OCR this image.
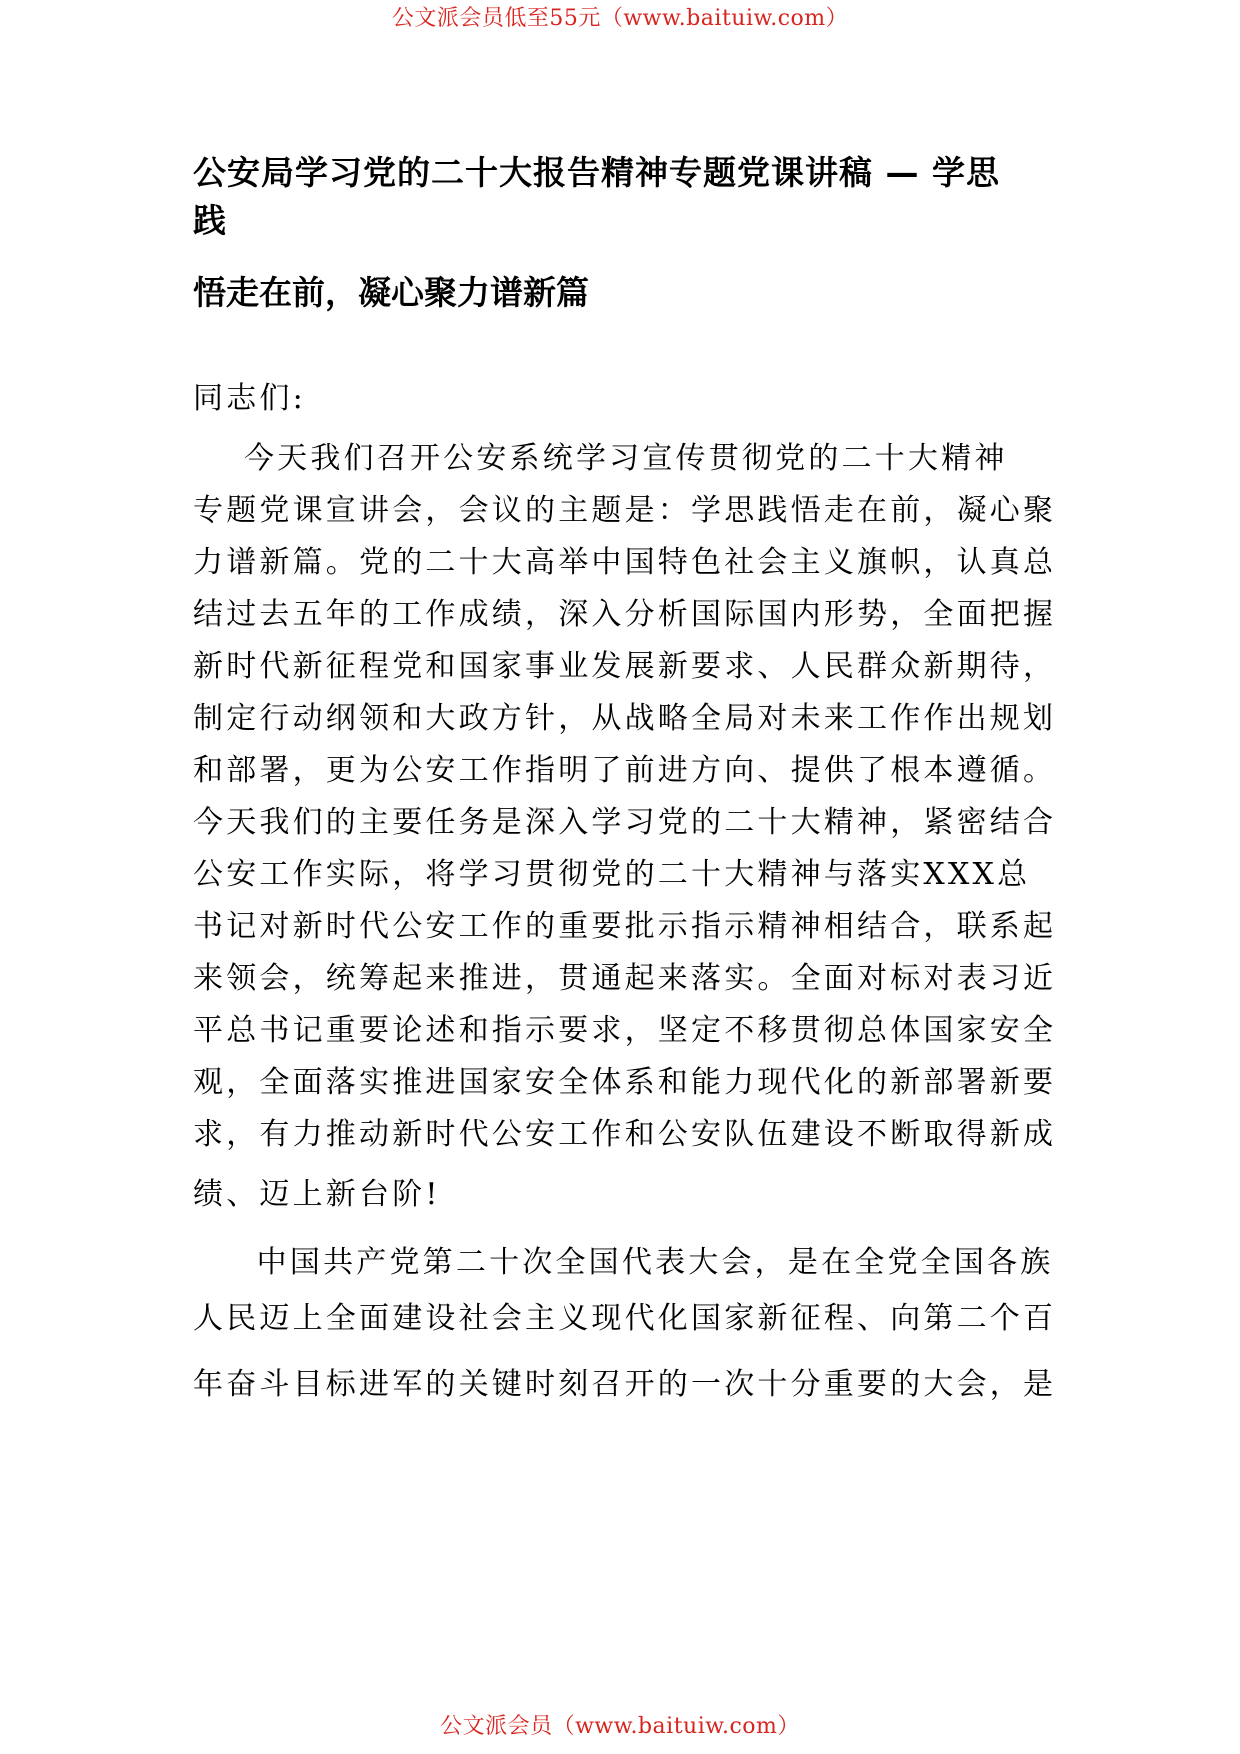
公文派会员低至55元（www.baituiw.com）
公安局学习党的二十大报告精神专题党课讲稿 — 学思
践
悟走在前，凝心聚力谱新篇

同志们:

今天我们召开公安系统学习宣传贯彻党的二十大精神

专题党课宣讲会，会议的主题是：学思践悟走在前，凝心聚

力谱新篇。党的二十大高举中国特色社会主义旗帜，认真总

结过去五年的工作成绩，深入分析国际国内形势，全面把握

新时代新征程党和国家事业发展新要求、人民群众新期待，

制定行动纲领和大政方针，从战略全局对未来工作作出规划

和部署，更为公安工作指明了前进方向、提供了根本遵循。

今天我们的主要任务是深入学习党的二十大精神，紧密结合

公安工作实际，将学习贯彻党的二十大精神与落实XXX总

书记对新时代公安工作的重要批示指示精神相结合，联系起

来领会，统筹起来推进，贯通起来落实。全面对标对表习近

平总书记重要论述和指示要求，坚定不移贯彻总体国家安全

观，全面落实推进国家安全体系和能力现代化的新部署新要

求，有力推动新时代公安工作和公安队伍建设不断取得新成

绩、迈上新台阶!

中国共产党第二十次全国代表大会，是在全党全国各族

人民迈上全面建设社会主义现代化国家新征程、向第二个百

年奋斗目标进军的关键时刻召开的一次十分重要的大会，是

公文派会员（www.baituiw.com）
